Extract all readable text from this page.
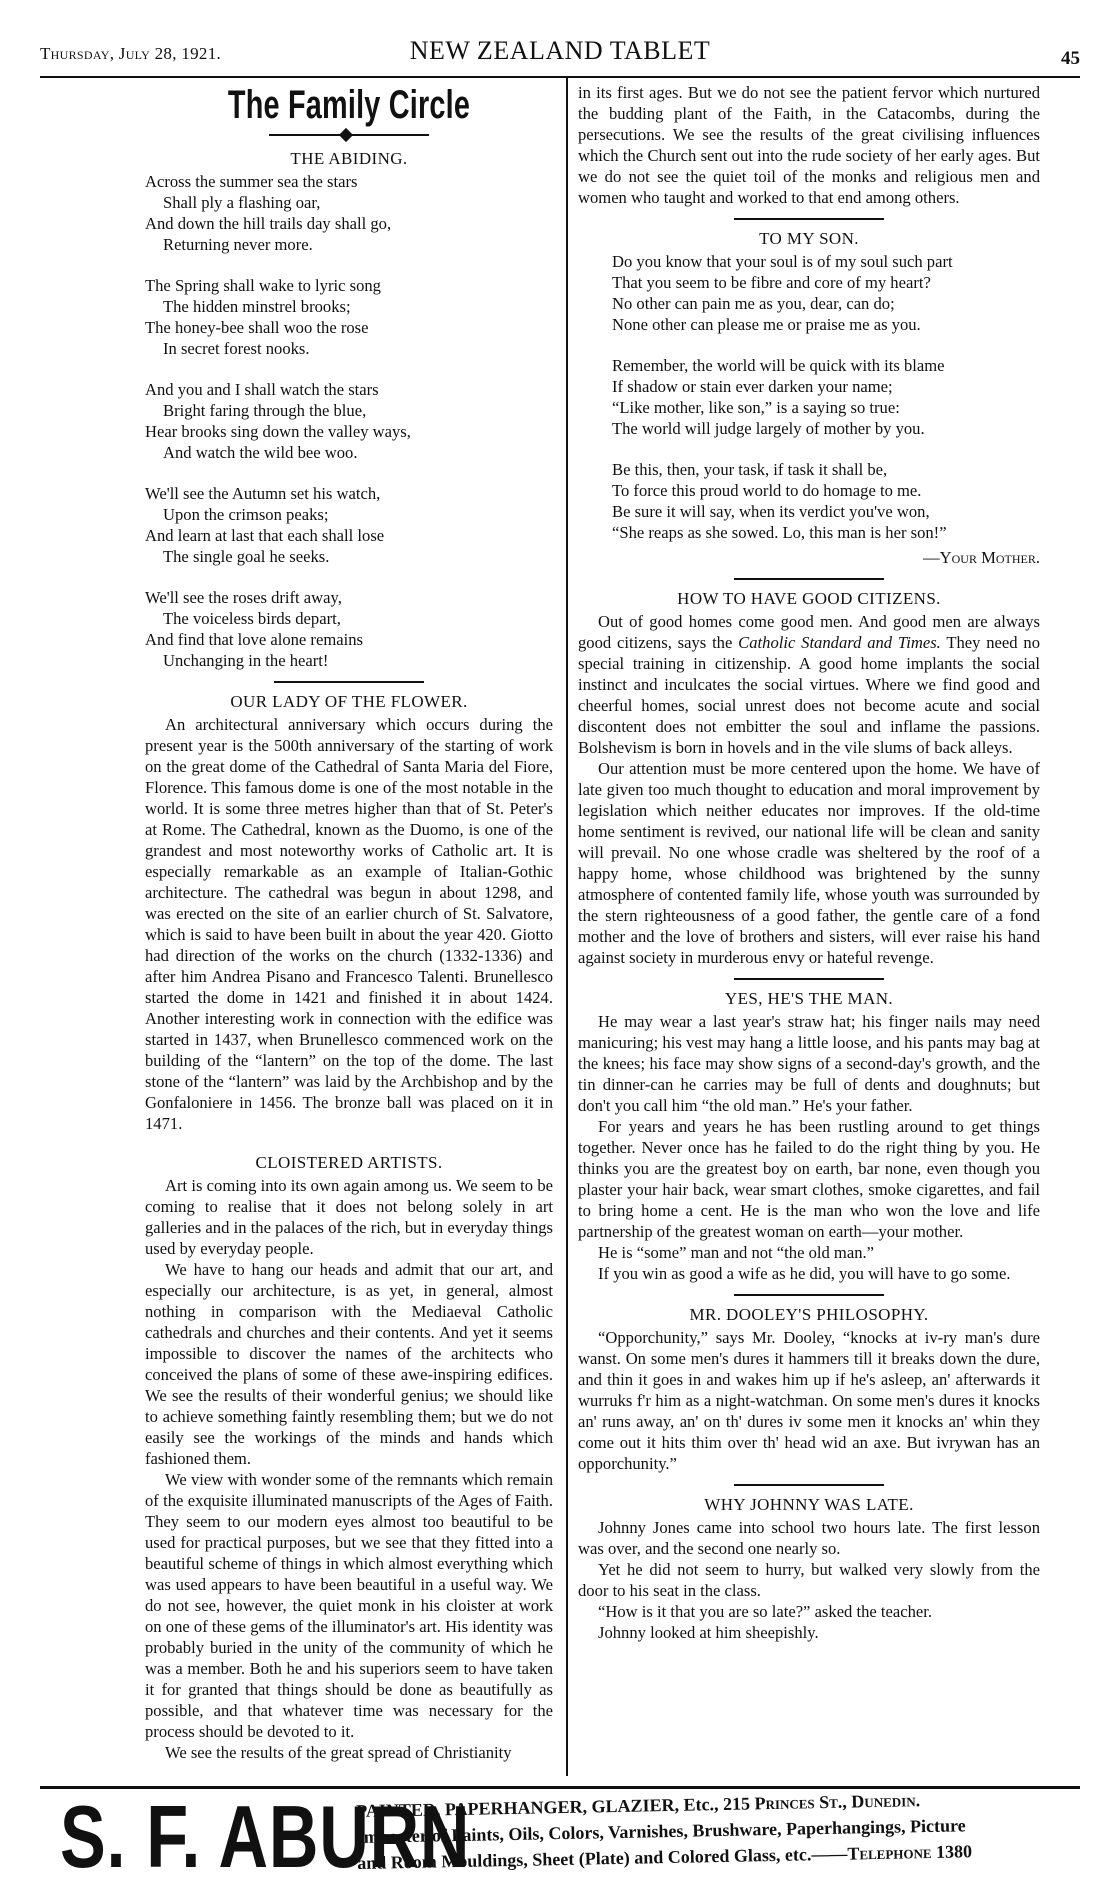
Thursday, July 28, 1921.	NEW ZEALAND TABLET	45
The Family Circle
THE ABIDING.
Across the summer sea the stars
Shall ply a flashing oar,
And down the hill trails day shall go,
Returning never more.
The Spring shall wake to lyric song
The hidden minstrel brooks;
The honey-bee shall woo the rose
In secret forest nooks.
And you and I shall watch the stars
Bright faring through the blue,
Hear brooks sing down the valley ways,
And watch the wild bee woo.
We'll see the Autumn set his watch,
Upon the crimson peaks;
And learn at last that each shall lose
The single goal he seeks.
We'll see the roses drift away,
The voiceless birds depart,
And find that love alone remains
Unchanging in the heart!
OUR LADY OF THE FLOWER.

An architectural anniversary which occurs during the present year is the 500th anniversary of the starting of work on the great dome of the Cathedral of Santa Maria del Fiore, Florence. This famous dome is one of the most notable in the world. It is some three metres higher than that of St. Peter's at Rome. The Cathedral, known as the Duomo, is one of the grandest and most noteworthy works of Catholic art. It is especially remarkable as an example of Italian-Gothic architecture. The cathedral was begun in about 1298, and was erected on the site of an earlier church of St. Salvatore, which is said to have been built in about the year 420. Giotto had direction of the works on the church (1332-1336) and after him Andrea Pisano and Francesco Talenti. Brunellesco started the dome in 1421 and finished it in about 1424. Another interesting work in connection with the edifice was started in 1437, when Brunellesco commenced work on the building of the “lantern” on the top of the dome. The last stone of the “lantern” was laid by the Archbishop and by the Gonfaloniere in 1456. The bronze ball was placed on it in 1471.

CLOISTERED ARTISTS.

Art is coming into its own again among us. We seem to be coming to realise that it does not belong solely in art galleries and in the palaces of the rich, but in everyday things used by everyday people.

We have to hang our heads and admit that our art, and especially our architecture, is as yet, in general, almost nothing in comparison with the Mediaeval Catholic cathedrals and churches and their contents. And yet it seems impossible to discover the names of the architects who conceived the plans of some of these awe-inspiring edifices. We see the results of their wonderful genius; we should like to achieve something faintly resembling them; but we do not easily see the workings of the minds and hands which fashioned them.

We view with wonder some of the remnants which remain of the exquisite illuminated manuscripts of the Ages of Faith. They seem to our modern eyes almost too beautiful to be used for practical purposes, but we see that they fitted into a beautiful scheme of things in which almost everything which was used appears to have been beautiful in a useful way. We do not see, however, the quiet monk in his cloister at work on one of these gems of the illuminator's art. His identity was probably buried in the unity of the community of which he was a member. Both he and his superiors seem to have taken it for granted that things should be done as beautifully as possible, and that whatever time was necessary for the process should be devoted to it.

We see the results of the great spread of Christianity

in its first ages. But we do not see the patient fervor which nurtured the budding plant of the Faith, in the Catacombs, during the persecutions. We see the results of the great civilising influences which the Church sent out into the rude society of her early ages. But we do not see the quiet toil of the monks and religious men and women who taught and worked to that end among others.

TO MY SON.
Do you know that your soul is of my soul such part
That you seem to be fibre and core of my heart?
No other can pain me as you, dear, can do;
None other can please me or praise me as you.
Remember, the world will be quick with its blame
If shadow or stain ever darken your name;
“Like mother, like son,” is a saying so true:
The world will judge largely of mother by you.
Be this, then, your task, if task it shall be,
To force this proud world to do homage to me.
Be sure it will say, when its verdict you've won,
“She reaps as she sowed. Lo, this man is her son!”
—Your Mother.
HOW TO HAVE GOOD CITIZENS.

Out of good homes come good men. And good men are always good citizens, says the Catholic Standard and Times. They need no special training in citizenship. A good home implants the social instinct and inculcates the social virtues. Where we find good and cheerful homes, social unrest does not become acute and social discontent does not embitter the soul and inflame the passions. Bolshevism is born in hovels and in the vile slums of back alleys.

Our attention must be more centered upon the home. We have of late given too much thought to education and moral improvement by legislation which neither educates nor improves. If the old-time home sentiment is revived, our national life will be clean and sanity will prevail. No one whose cradle was sheltered by the roof of a happy home, whose childhood was brightened by the sunny atmosphere of contented family life, whose youth was surrounded by the stern righteousness of a good father, the gentle care of a fond mother and the love of brothers and sisters, will ever raise his hand against society in murderous envy or hateful revenge.

YES, HE'S THE MAN.

He may wear a last year's straw hat; his finger nails may need manicuring; his vest may hang a little loose, and his pants may bag at the knees; his face may show signs of a second-day's growth, and the tin dinner-can he carries may be full of dents and doughnuts; but don't you call him “the old man.” He's your father.

For years and years he has been rustling around to get things together. Never once has he failed to do the right thing by you. He thinks you are the greatest boy on earth, bar none, even though you plaster your hair back, wear smart clothes, smoke cigarettes, and fail to bring home a cent. He is the man who won the love and life partnership of the greatest woman on earth—your mother.

He is “some” man and not “the old man.”

If you win as good a wife as he did, you will have to go some.

MR. DOOLEY'S PHILOSOPHY.

“Opporchunity,” says Mr. Dooley, “knocks at iv-ry man's dure wanst. On some men's dures it hammers till it breaks down the dure, and thin it goes in and wakes him up if he's asleep, an' afterwards it wurruks f'r him as a night-watchman. On some men's dures it knocks an' runs away, an' on th' dures iv some men it knocks an' whin they come out it hits thim over th' head wid an axe. But ivrywan has an opporchunity.”

WHY JOHNNY WAS LATE.

Johnny Jones came into school two hours late. The first lesson was over, and the second one nearly so.

Yet he did not seem to hurry, but walked very slowly from the door to his seat in the class.

“How is it that you are so late?” asked the teacher.

Johnny looked at him sheepishly.

S. F. ABURN
PAINTER, PAPERHANGER, GLAZIER, Etc., 215 Princes St., Dunedin.
Importer of Paints, Oils, Colors, Varnishes, Brushware, Paperhangings, Picture
and Room Mouldings, Sheet (Plate) and Colored Glass, etc.——Telephone 1380
